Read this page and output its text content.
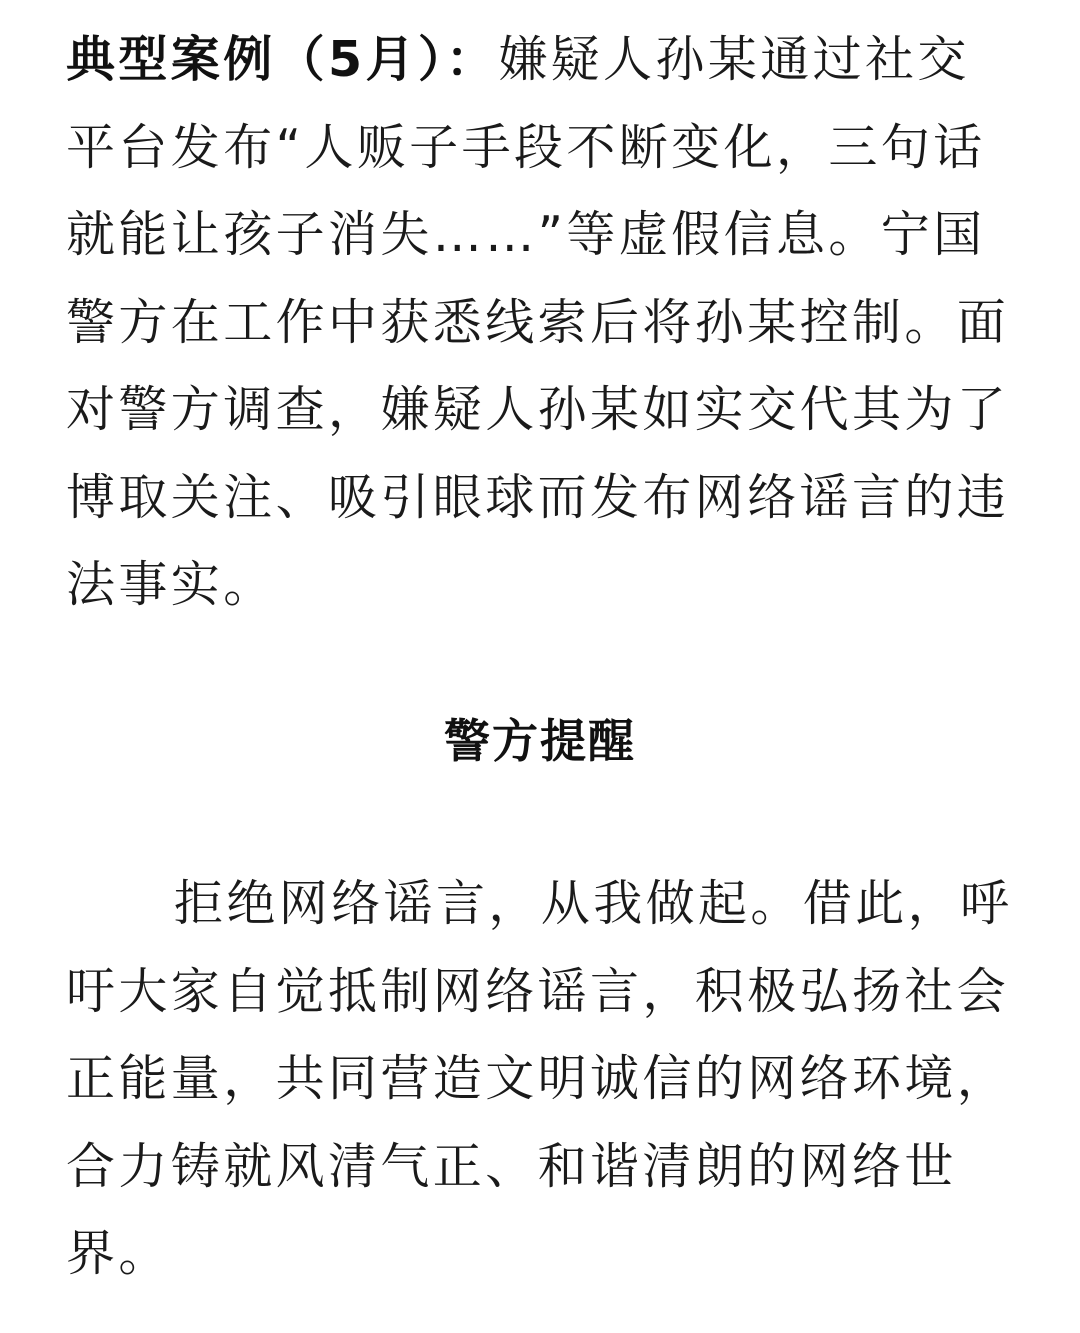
典型案例（5月）：嫌疑人孙某通过社交平台发布“人贩子手段不断变化，三句话就能让孩子消失……”等虚假信息。宁国警方在工作中获悉线索后将孙某控制。面对警方调查，嫌疑人孙某如实交代其为了博取关注、吸引眼球而发布网络谣言的违法事实。

警方提醒

拒绝网络谣言，从我做起。借此，呼吁大家自觉抵制网络谣言，积极弘扬社会正能量，共同营造文明诚信的网络环境，合力铸就风清气正、和谐清朗的网络世界。
